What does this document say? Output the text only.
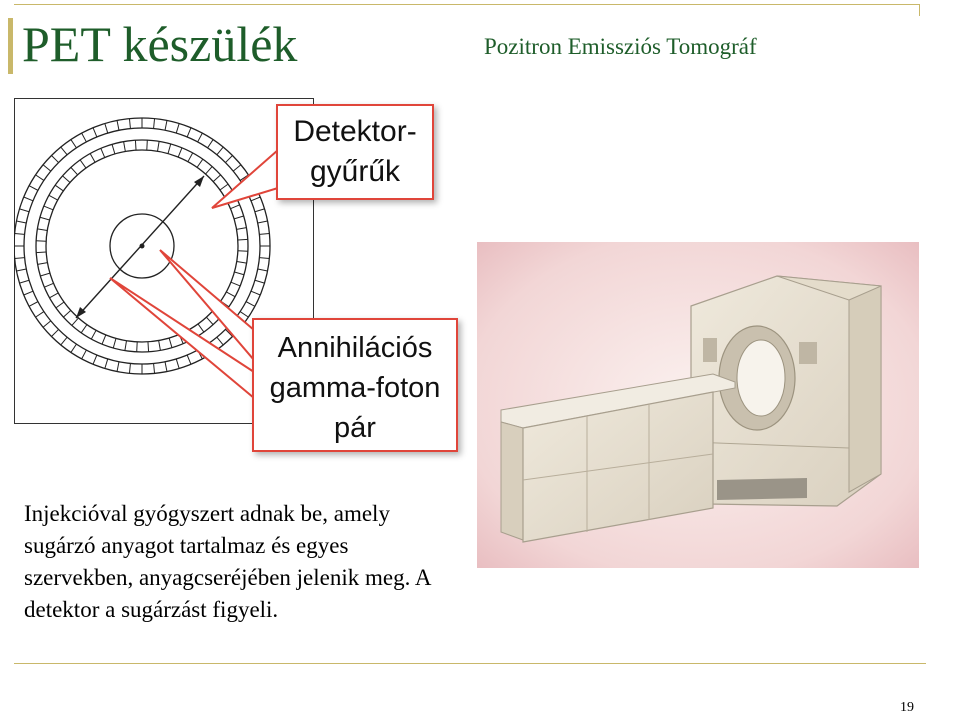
PET készülék	Pozitron Emissziós Tomográf
Detektor-
gyűrűk
Annihilációs
gamma-foton
pár
Injekcióval gyógyszert adnak be, amely sugárzó anyagot tartalmaz és egyes szervekben, anyagcseréjében jelenik meg. A detektor a sugárzást figyeli.
19
